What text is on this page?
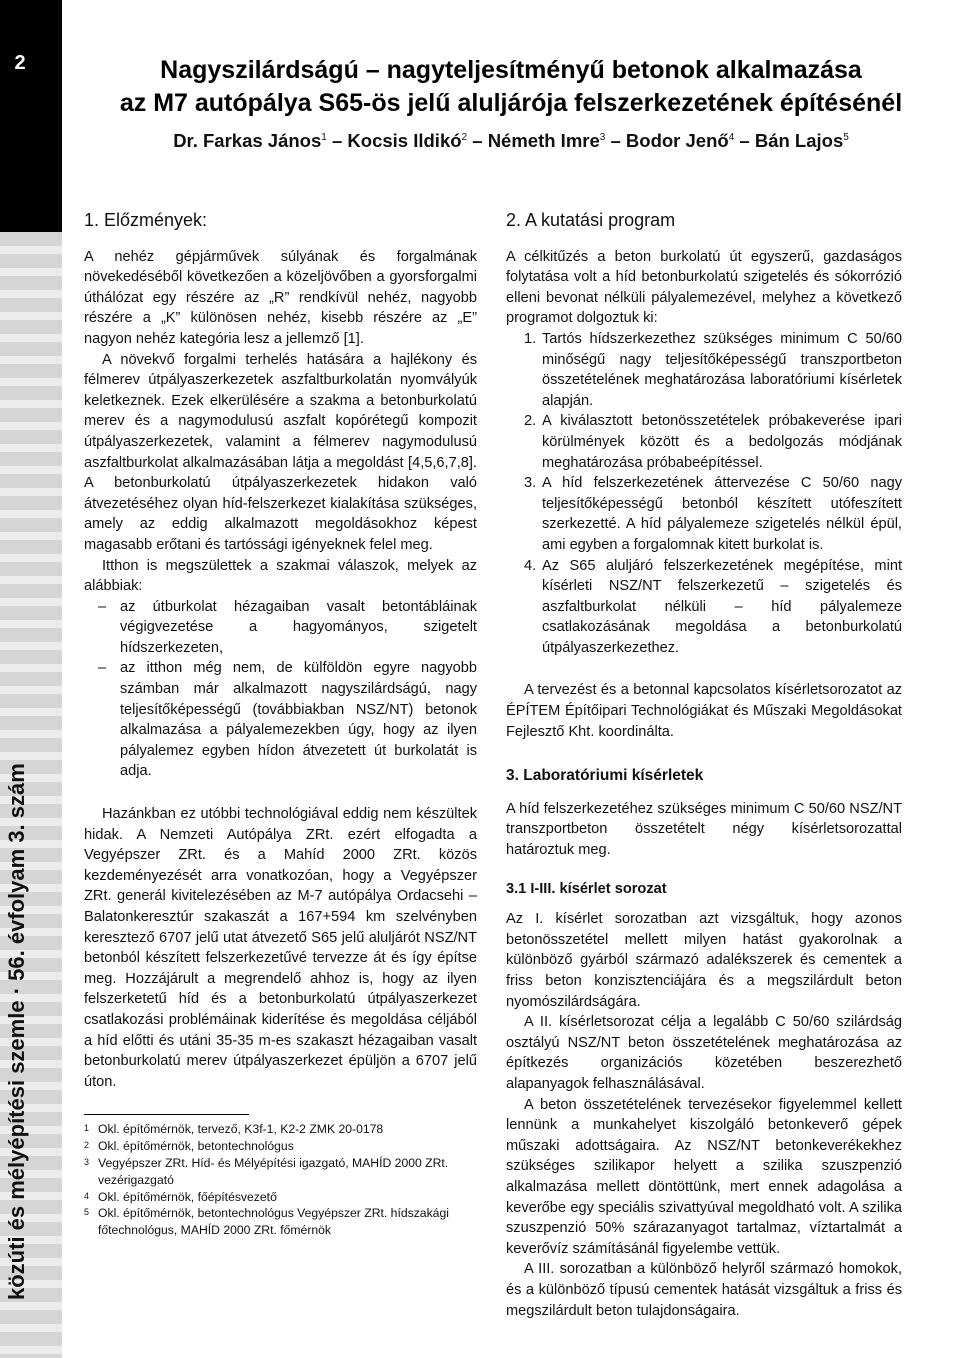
2
közúti és mélyépítési szemle · 56. évfolyam 3. szám
Nagyszilárdságú – nagyteljesítményű betonok alkalmazása
az M7 autópálya S65-ös jelű aluljárója felszerkezetének építésénél
Dr. Farkas János$^1$ – Kocsis Ildikó$^2$ – Németh Imre$^3$ – Bodor Jenő$^4$ – Bán Lajos$^5$
1. Előzmények:

A nehéz gépjárművek súlyának és forgalmának növekedéséből következően a közeljövőben a gyorsforgalmi úthálózat egy részére az „R” rendkívül nehéz, nagyobb részére a „K” különösen nehéz, kisebb részére az „E” nagyon nehéz kategória lesz a jellemző [1].

A növekvő forgalmi terhelés hatására a hajlékony és félmerev útpályaszerkezetek aszfaltburkolatán nyomvályúk keletkeznek. Ezek elkerülésére a szakma a betonburkolatú merev és a nagymodulusú aszfalt kopórétegű kompozit útpályaszerkezetek, valamint a félmerev nagymodulusú aszfaltburkolat alkalmazásában látja a megoldást [4,5,6,7,8]. A betonburkolatú útpályaszerkezetek hidakon való átvezetéséhez olyan híd-felszerkezet kialakítása szükséges, amely az eddig alkalmazott megoldásokhoz képest magasabb erőtani és tartóssági igényeknek felel meg.

Itthon is megszülettek a szakmai válaszok, melyek az alábbiak:

– az útburkolat hézagaiban vasalt betontábláinak végigvezetése a hagyományos, szigetelt hídszerkezeten,
– az itthon még nem, de külföldön egyre nagyobb számban már alkalmazott nagyszilárdságú, nagy teljesítőképességű (továbbiakban NSZ/NT) betonok alkalmazása a pályalemezekben úgy, hogy az ilyen pályalemez egyben hídon átvezetett út burkolatát is adja.

Hazánkban ez utóbbi technológiával eddig nem készültek hidak. A Nemzeti Autópálya ZRt. ezért elfogadta a Vegyépszer ZRt. és a Mahíd 2000 ZRt. közös kezdeményezését arra vonatkozóan, hogy a Vegyépszer ZRt. generál kivitelezésében az M-7 autópálya Ordacsehi – Balatonkeresztúr szakaszát a 167+594 km szelvényben keresztező 6707 jelű utat átvezető S65 jelű aluljárót NSZ/NT betonból készített felszerkezetűvé tervezze át és így építse meg. Hozzájárult a megrendelő ahhoz is, hogy az ilyen felszerketetű híd és a betonburkolatú útpályaszerkezet csatlakozási problémáinak kiderítése és megoldása céljából a híd előtti és utáni 35-35 m-es szakaszt hézagaiban vasalt betonburkolatú merev útpályaszerkezet épüljön a 6707 jelű úton.

1 Okl. építőmérnök, tervező, K3f-1, K2-2 ZMK 20-0178
2 Okl. építőmérnök, betontechnológus
3 Vegyépszer ZRt. Híd- és Mélyépítési igazgató, MAHÍD 2000 ZRt. vezérigazgató
4 Okl. építőmérnök, főépítésvezető
5 Okl. építőmérnök, betontechnológus Vegyépszer ZRt. hídszakági főtechnológus, MAHÍD 2000 ZRt. főmérnök
2. A kutatási program

A célkitűzés a beton burkolatú út egyszerű, gazdaságos folytatása volt a híd betonburkolatú szigetelés és sókorrózió elleni bevonat nélküli pályalemezével, melyhez a következő programot dolgoztuk ki:

1. Tartós hídszerkezethez szükséges minimum C 50/60 minőségű nagy teljesítőképességű transzportbeton összetételének meghatározása laboratóriumi kísérletek alapján.
2. A kiválasztott betonösszetételek próbakeverése ipari körülmények között és a bedolgozás módjának meghatározása próbabeépítéssel.
3. A híd felszerkezetének áttervezése C 50/60 nagy teljesítőképességű betonból készített utófeszített szerkezetté. A híd pályalemeze szigetelés nélkül épül, ami egyben a forgalomnak kitett burkolat is.
4. Az S65 aluljáró felszerkezetének megépítése, mint kísérleti NSZ/NT felszerkezetű – szigetelés és aszfaltburkolat nélküli – híd pályalemeze csatlakozásának megoldása a betonburkolatú útpályaszerkezethez.

A tervezést és a betonnal kapcsolatos kísérletsorozatot az ÉPÍTEM Építőipari Technológiákat és Műszaki Megoldásokat Fejlesztő Kht. koordinálta.

3. Laboratóriumi kísérletek

A híd felszerkezetéhez szükséges minimum C 50/60 NSZ/NT transzportbeton összetételt négy kísérletsorozattal határoztuk meg.

3.1 I-III. kísérlet sorozat

Az I. kísérlet sorozatban azt vizsgáltuk, hogy azonos betonösszetétel mellett milyen hatást gyakorolnak a különböző gyárból származó adalékszerek és cementek a friss beton konzisztenciájára és a megszilárdult beton nyomószilárdságára.

A II. kísérletsorozat célja a legalább C 50/60 szilárdság osztályú NSZ/NT beton összetételének meghatározása az építkezés organizációs közetében beszerezhető alapanyagok felhasználásával.

A beton összetételének tervezésekor figyelemmel kellett lennünk a munkahelyet kiszolgáló betonkeverő gépek műszaki adottságaira. Az NSZ/NT betonkeverékekhez szükséges szilikapor helyett a szilika szuszpenzió alkalmazása mellett döntöttünk, mert ennek adagolása a keverőbe egy speciális szivattyúval megoldható volt. A szilika szuszpenzió 50% szárazanyagot tartalmaz, víztartalmát a keverővíz számításánál figyelembe vettük.

A III. sorozatban a különböző helyről származó homokok, és a különböző típusú cementek hatását vizsgáltuk a friss és megszilárdult beton tulajdonságaira.
